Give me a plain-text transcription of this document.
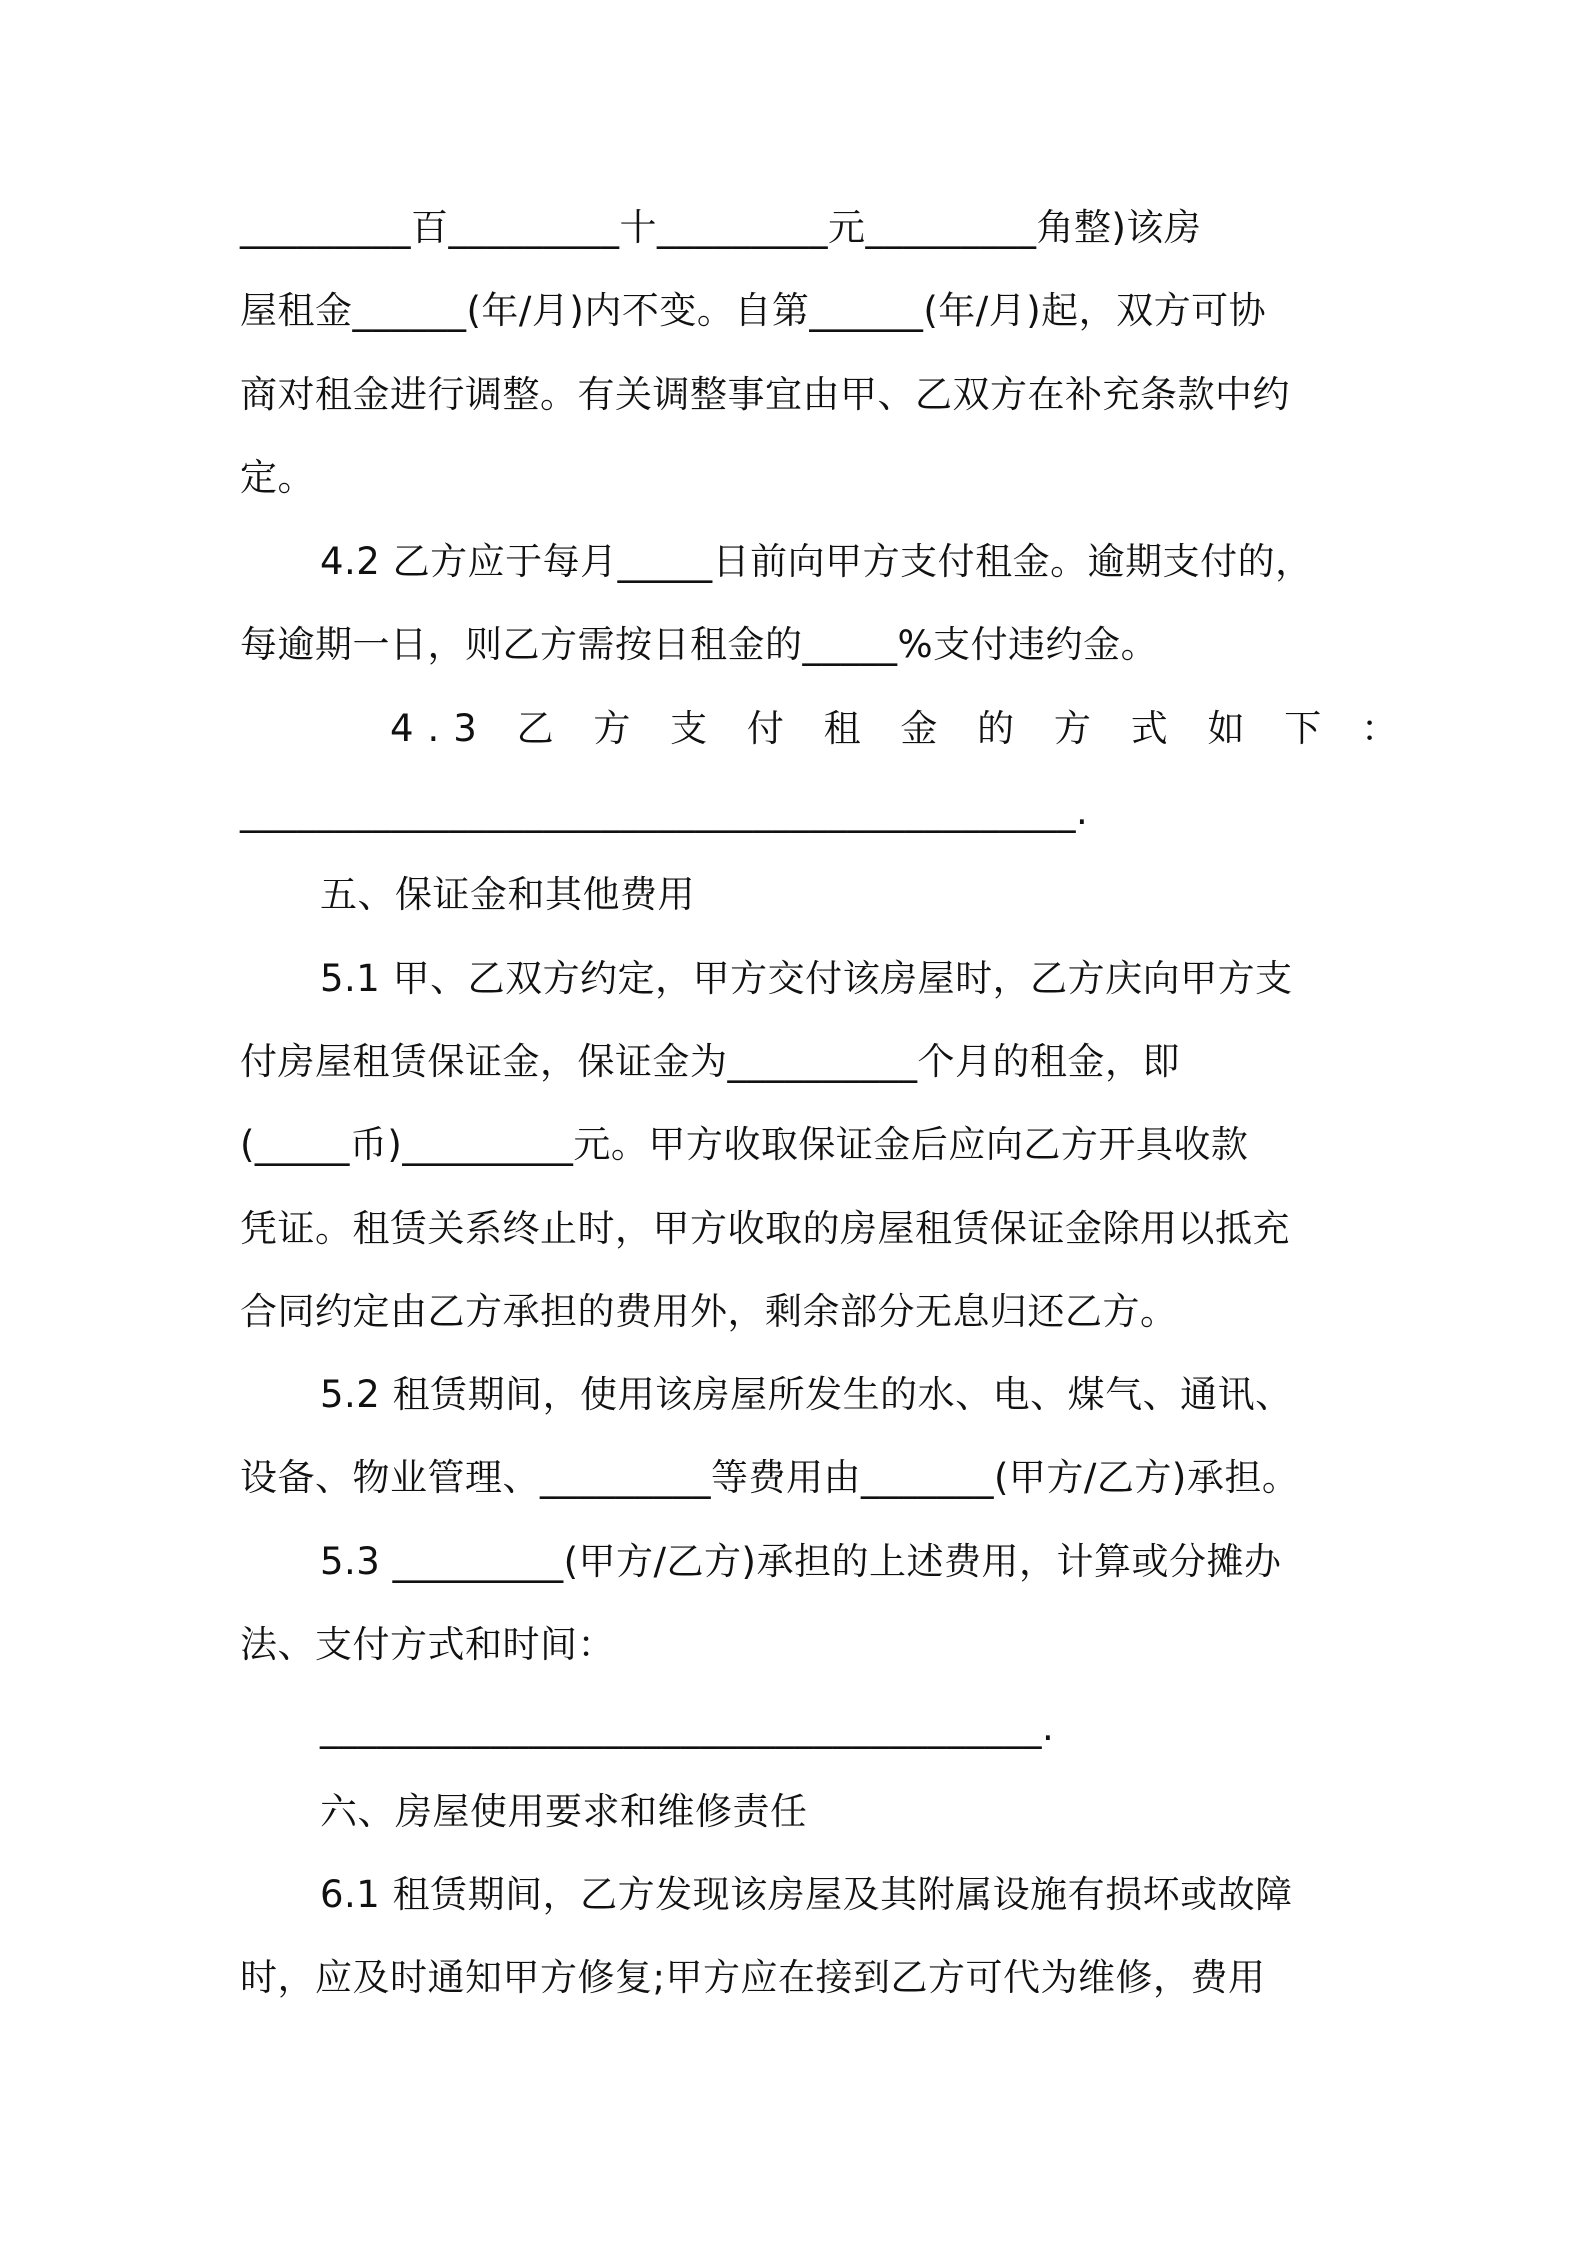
_________百_________十_________元_________角整)该房
屋租金______(年/月)内不变。自第______(年/月)起，双方可协
商对租金进行调整。有关调整事宜由甲、乙双方在补充条款中约
定。
4.2 乙方应于每月_____日前向甲方支付租金。逾期支付的，
每逾期一日，则乙方需按日租金的_____%支付违约金。
4.3 乙 方 支 付 租 金 的 方 式 如 下 ：
____________________________________________.
五、保证金和其他费用
5.1 甲、乙双方约定，甲方交付该房屋时，乙方庆向甲方支
付房屋租赁保证金，保证金为__________个月的租金，即
(_____币)_________元。甲方收取保证金后应向乙方开具收款
凭证。租赁关系终止时，甲方收取的房屋租赁保证金除用以抵充
合同约定由乙方承担的费用外，剩余部分无息归还乙方。
5.2 租赁期间，使用该房屋所发生的水、电、煤气、通讯、
设备、物业管理、_________等费用由_______(甲方/乙方)承担。
5.3 _________(甲方/乙方)承担的上述费用，计算或分摊办
法、支付方式和时间：
______________________________________.
六、房屋使用要求和维修责任
6.1 租赁期间，乙方发现该房屋及其附属设施有损坏或故障
时，应及时通知甲方修复;甲方应在接到乙方可代为维修，费用
